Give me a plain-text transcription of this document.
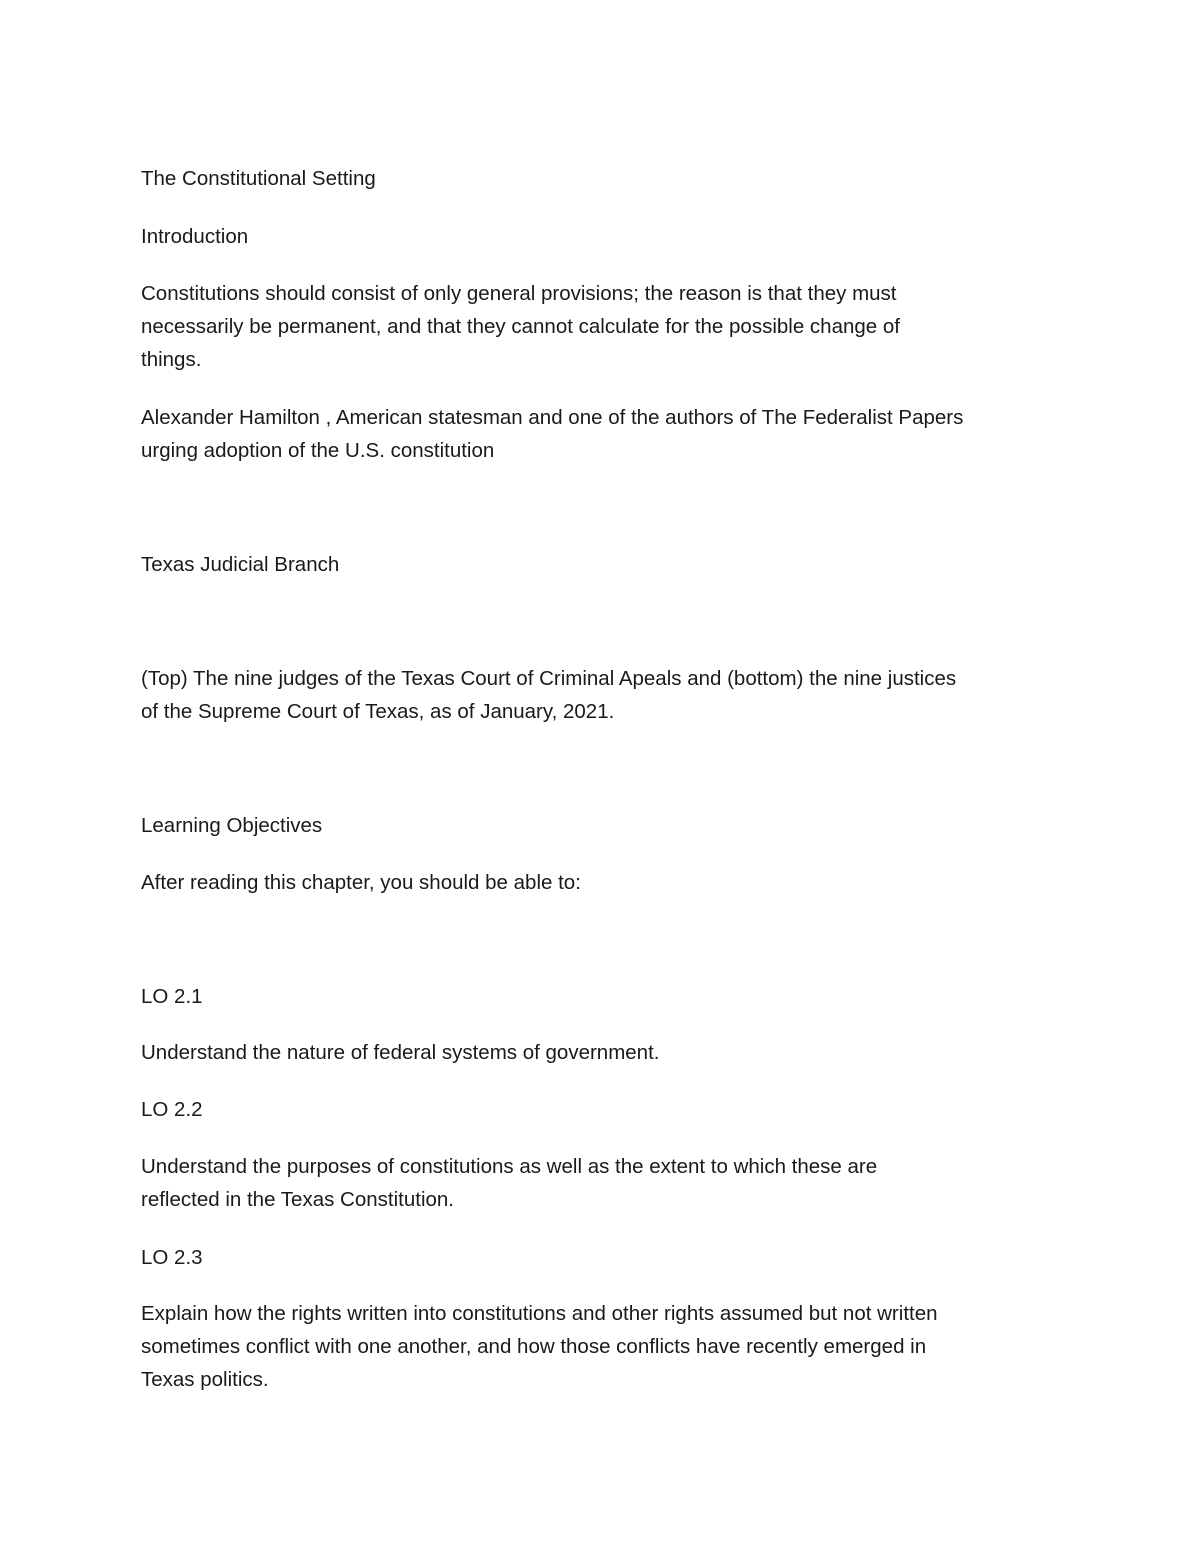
The Constitutional Setting

Introduction

Constitutions should consist of only general provisions; the reason is that they must

necessarily be permanent, and that they cannot calculate for the possible change of

things.

Alexander Hamilton , American statesman and one of the authors of The Federalist Papers

urging adoption of the U.S. constitution

Texas Judicial Branch

(Top) The nine judges of the Texas Court of Criminal Apeals and (bottom) the nine justices

of the Supreme Court of Texas, as of January, 2021.

Learning Objectives

After reading this chapter, you should be able to:

LO 2.1

Understand the nature of federal systems of government.

LO 2.2

Understand the purposes of constitutions as well as the extent to which these are

reflected in the Texas Constitution.

LO 2.3

Explain how the rights written into constitutions and other rights assumed but not written

sometimes conflict with one another, and how those conflicts have recently emerged in

Texas politics.
